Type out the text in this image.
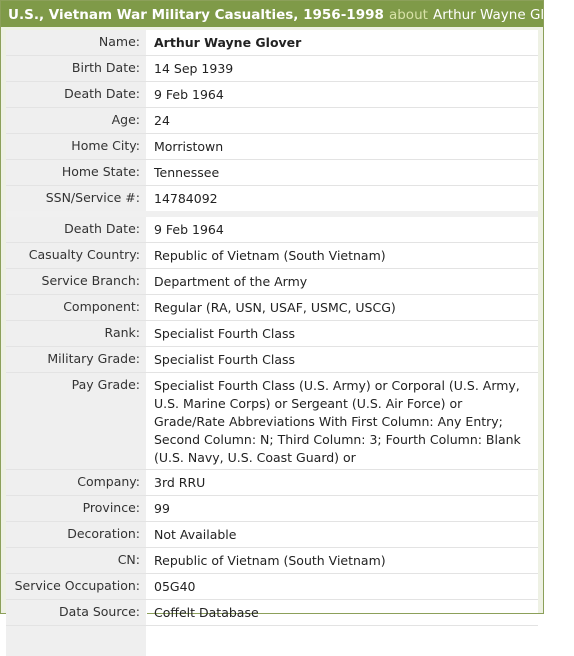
U.S., Vietnam War Military Casualties, 1956-1998 about Arthur Wayne Glover
Name:	Arthur Wayne Glover
Birth Date:	14 Sep 1939
Death Date:	9 Feb 1964
Age:	24
Home City:	Morristown
Home State:	Tennessee
SSN/Service #:	14784092
Death Date:	9 Feb 1964
Casualty Country:	Republic of Vietnam (South Vietnam)
Service Branch:	Department of the Army
Component:	Regular (RA, USN, USAF, USMC, USCG)
Rank:	Specialist Fourth Class
Military Grade:	Specialist Fourth Class
Pay Grade:	Specialist Fourth Class (U.S. Army) or Corporal (U.S. Army, U.S. Marine Corps) or Sergeant (U.S. Air Force) or Grade/Rate Abbreviations With First Column: Any Entry; Second Column: N; Third Column: 3; Fourth Column: Blank (U.S. Navy, U.S. Coast Guard) or
Company:	3rd RRU
Province:	99
Decoration:	Not Available
CN:	Republic of Vietnam (South Vietnam)
Service Occupation:	05G40
Data Source:	Coffelt Database
